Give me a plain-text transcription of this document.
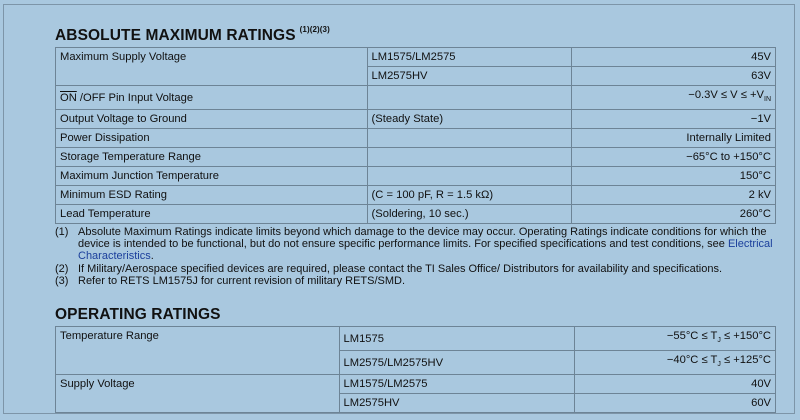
ABSOLUTE MAXIMUM RATINGS $^{(1)(2)(3)}$
Maximum Supply Voltage	LM1575/LM2575	45V
	LM2575HV	63V
$\overline{ON}$ /OFF Pin Input Voltage		$-0.3V \le V \le +V_{IN}$
Output Voltage to Ground	(Steady State)	−1V
Power Dissipation		Internally Limited
Storage Temperature Range		−65°C to +150°C
Maximum Junction Temperature		150°C
Minimum ESD Rating	(C = 100 pF, R = 1.5 kΩ)	2 kV
Lead Temperature	(Soldering, 10 sec.)	260°C
(1) Absolute Maximum Ratings indicate limits beyond which damage to the device may occur. Operating Ratings indicate conditions for which the device is intended to be functional, but do not ensure specific performance limits. For specified specifications and test conditions, see Electrical Characteristics.
(2) If Military/Aerospace specified devices are required, please contact the TI Sales Office/ Distributors for availability and specifications.
(3) Refer to RETS LM1575J for current revision of military RETS/SMD.
OPERATING RATINGS
Temperature Range	LM1575	$-55^\circ C \le T_J \le +150^\circ C$
	LM2575/LM2575HV	$-40^\circ C \le T_J \le +125^\circ C$
Supply Voltage	LM1575/LM2575	40V
	LM2575HV	60V
